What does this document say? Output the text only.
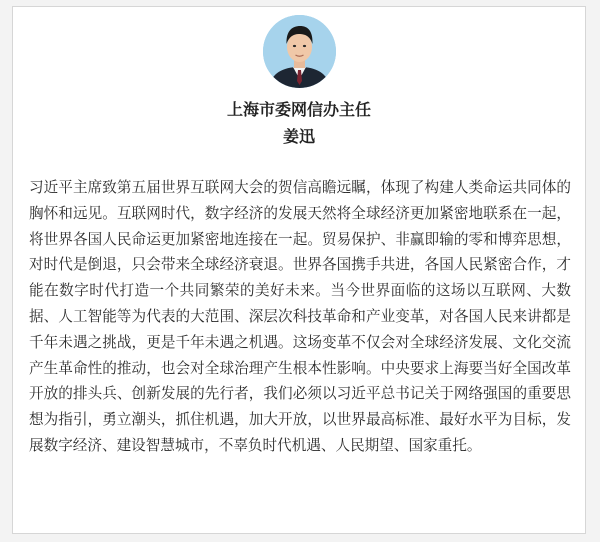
上海市委网信办主任
姜迅
习近平主席致第五届世界互联网大会的贺信高瞻远瞩，体现了构建人类命运共同体的胸怀和远见。互联网时代，数字经济的发展天然将全球经济更加紧密地联系在一起，将世界各国人民命运更加紧密地连接在一起。贸易保护、非赢即输的零和博弈思想，对时代是倒退，只会带来全球经济衰退。世界各国携手共进，各国人民紧密合作，才能在数字时代打造一个共同繁荣的美好未来。当今世界面临的这场以互联网、大数据、人工智能等为代表的大范围、深层次科技革命和产业变革，对各国人民来讲都是千年未遇之挑战，更是千年未遇之机遇。这场变革不仅会对全球经济发展、文化交流产生革命性的推动，也会对全球治理产生根本性影响。中央要求上海要当好全国改革开放的排头兵、创新发展的先行者，我们必须以习近平总书记关于网络强国的重要思想为指引，勇立潮头，抓住机遇，加大开放，以世界最高标准、最好水平为目标，发展数字经济、建设智慧城市，不辜负时代机遇、人民期望、国家重托。
